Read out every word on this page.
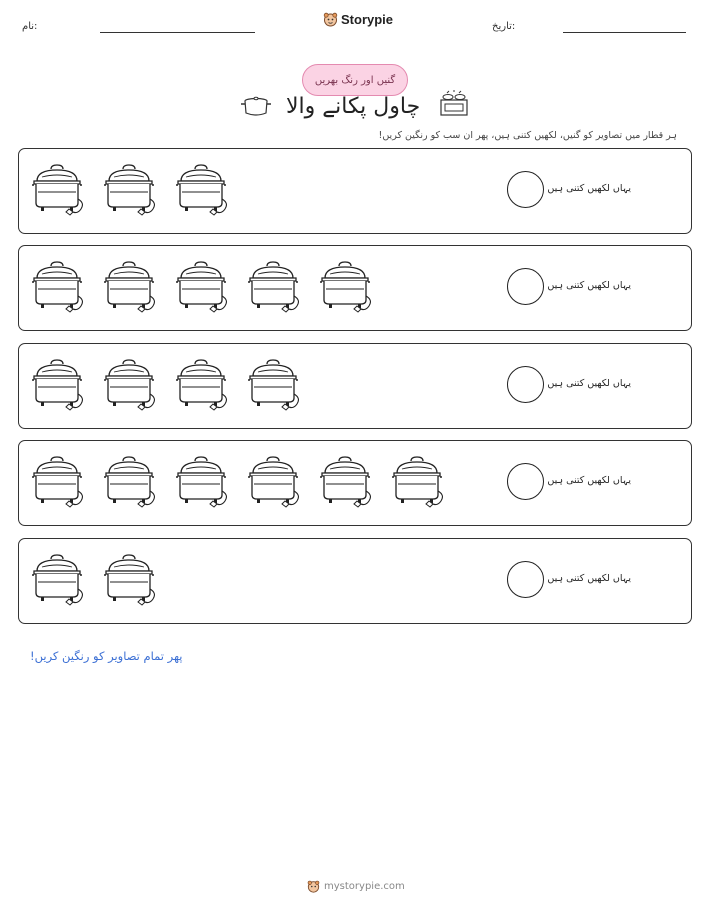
نام:	Storypie	تاریخ:
گنیں اور رنگ بھریں
چاول پکانے والا
ہر قطار میں تصاویر کو گنیں، لکھیں کتنی ہیں، پھر ان سب کو رنگین کریں!
یہاں لکھیں کتنی ہیں
یہاں لکھیں کتنی ہیں
یہاں لکھیں کتنی ہیں
یہاں لکھیں کتنی ہیں
یہاں لکھیں کتنی ہیں
پھر تمام تصاویر کو رنگین کریں!
mystorypie.com
